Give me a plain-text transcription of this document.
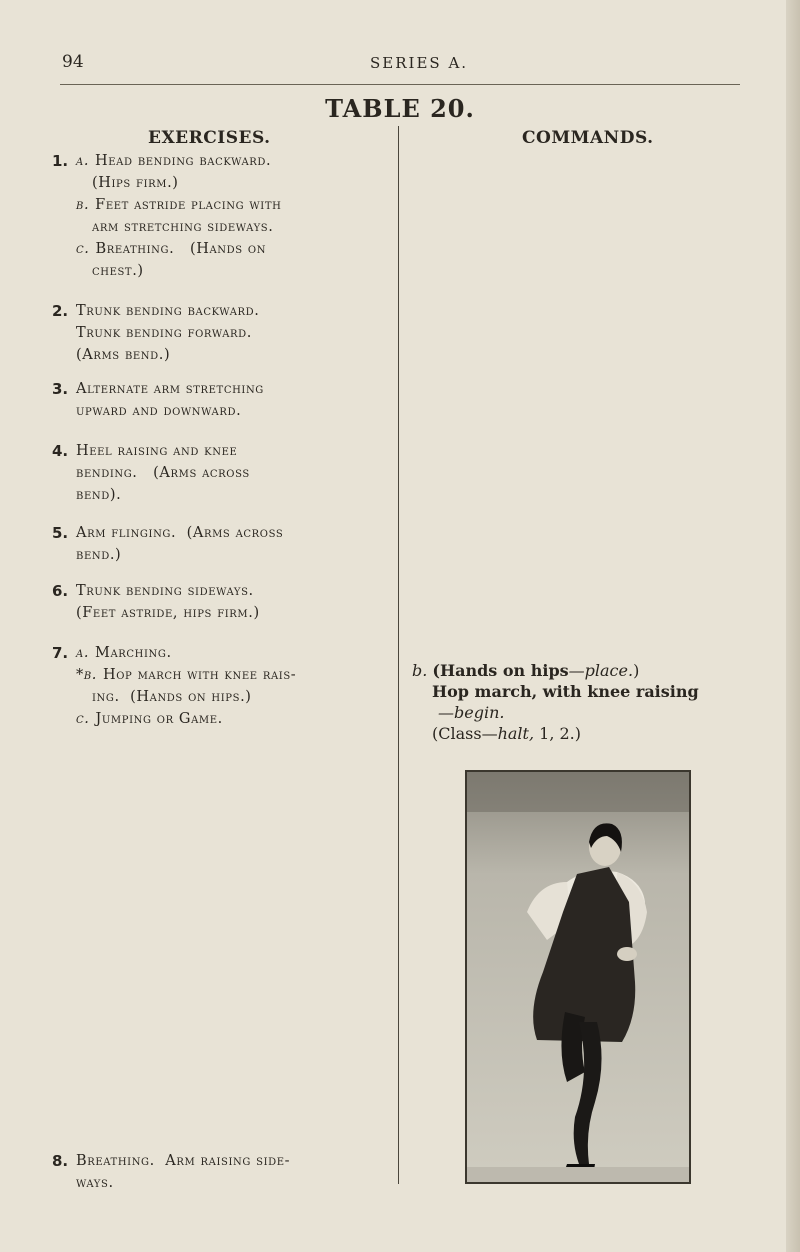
94	SERIES A.
TABLE 20.
EXERCISES.	COMMANDS.
1. a. Head bending backward.
(Hips firm.)
b. Feet astride placing with
arm stretching sideways.
c. Breathing.   (Hands on
chest.)
2. Trunk bending backward.
Trunk bending forward.
(Arms bend.)
3. Alternate arm stretching
upward and downward.
4. Heel raising and knee
bending.   (Arms across
bend).
5. Arm flinging.  (Arms across
bend.)
6. Trunk bending sideways.
(Feet astride, hips firm.)
7. a. Marching.
*b. Hop march with knee rais-
ing.  (Hands on hips.)
c. Jumping or Game.
8. Breathing.  Arm raising side-
ways.
b. (Hands on hips—place.)
Hop march, with knee raising
—begin.
(Class—halt, 1, 2.)
